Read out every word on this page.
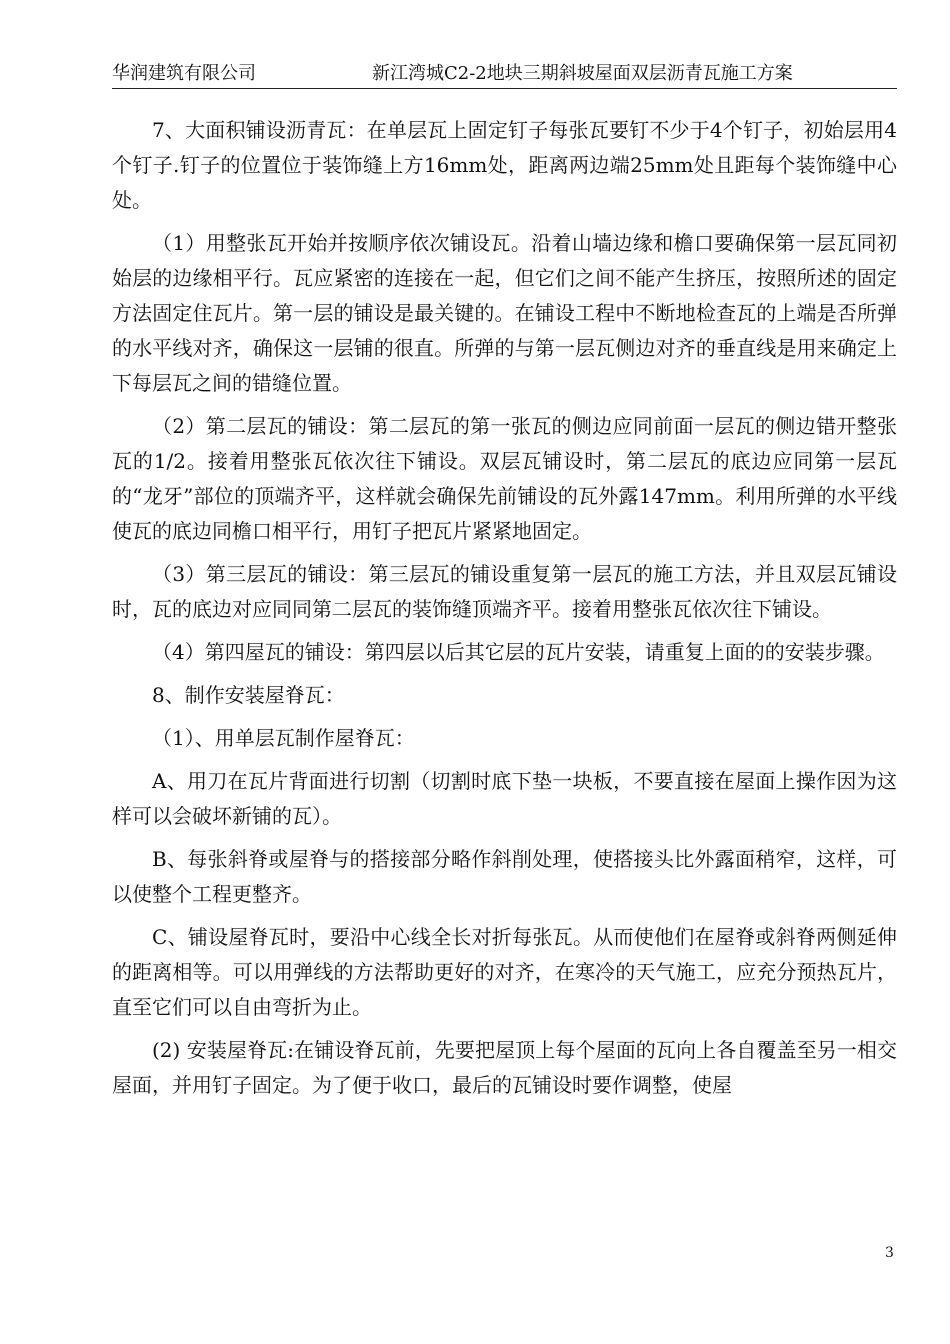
华润建筑有限公司	新江湾城C2-2地块三期斜坡屋面双层沥青瓦施工方案

7、大面积铺设沥青瓦：在单层瓦上固定钉子每张瓦要钉不少于4个钉子，初始层用4个钉子.钉子的位置位于装饰缝上方16mm处，距离两边端25mm处且距每个装饰缝中心处。

（1）用整张瓦开始并按顺序依次铺设瓦。沿着山墙边缘和檐口要确保第一层瓦同初始层的边缘相平行。瓦应紧密的连接在一起，但它们之间不能产生挤压，按照所述的固定方法固定住瓦片。第一层的铺设是最关键的。在铺设工程中不断地检查瓦的上端是否所弹的水平线对齐，确保这一层铺的很直。所弹的与第一层瓦侧边对齐的垂直线是用来确定上下每层瓦之间的错缝位置。

（2）第二层瓦的铺设：第二层瓦的第一张瓦的侧边应同前面一层瓦的侧边错开整张瓦的1/2。接着用整张瓦依次往下铺设。双层瓦铺设时，第二层瓦的底边应同第一层瓦的“龙牙”部位的顶端齐平，这样就会确保先前铺设的瓦外露147mm。利用所弹的水平线使瓦的底边同檐口相平行，用钉子把瓦片紧紧地固定。

（3）第三层瓦的铺设：第三层瓦的铺设重复第一层瓦的施工方法，并且双层瓦铺设时，瓦的底边对应同同第二层瓦的装饰缝顶端齐平。接着用整张瓦依次往下铺设。

（4）第四屋瓦的铺设：第四层以后其它层的瓦片安装，请重复上面的的安装步骤。

8、制作安装屋脊瓦：

（1）、用单层瓦制作屋脊瓦：

A、用刀在瓦片背面进行切割（切割时底下垫一块板，不要直接在屋面上操作因为这样可以会破坏新铺的瓦）。

B、每张斜脊或屋脊与的搭接部分略作斜削处理，使搭接头比外露面稍窄，这样，可以使整个工程更整齐。

C、铺设屋脊瓦时，要沿中心线全长对折每张瓦。从而使他们在屋脊或斜脊两侧延伸的距离相等。可以用弹线的方法帮助更好的对齐，在寒冷的天气施工，应充分预热瓦片，直至它们可以自由弯折为止。

(2) 安装屋脊瓦:在铺设脊瓦前，先要把屋顶上每个屋面的瓦向上各自覆盖至另一相交屋面，并用钉子固定。为了便于收口，最后的瓦铺设时要作调整，使屋

3
